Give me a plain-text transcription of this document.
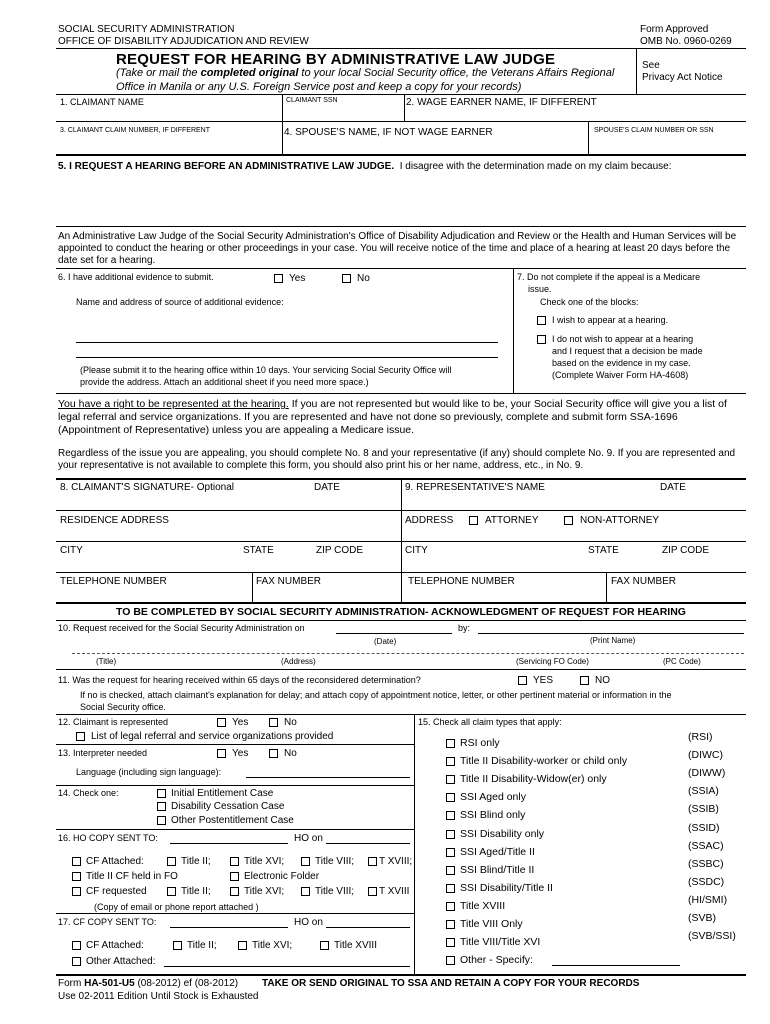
SOCIAL SECURITY ADMINISTRATION
OFFICE OF DISABILITY ADJUDICATION AND REVIEW
Form Approved
OMB No. 0960-0269
REQUEST FOR HEARING BY ADMINISTRATIVE LAW JUDGE
(Take or mail the completed original to your local Social Security office, the Veterans Affairs Regional
Office in Manila or any U.S. Foreign Service post and keep a copy for your records)
See
Privacy Act Notice
1. CLAIMANT NAME	CLAIMANT SSN	2. WAGE EARNER NAME, IF DIFFERENT
3. CLAIMANT CLAIM NUMBER, IF DIFFERENT	4. SPOUSE'S NAME, IF NOT WAGE EARNER	SPOUSE'S CLAIM NUMBER OR SSN
5. I REQUEST A HEARING BEFORE AN ADMINISTRATIVE LAW JUDGE. I disagree with the determination made on my claim because:
An Administrative Law Judge of the Social Security Administration's Office of Disability Adjudication and Review or the Health and Human Services will be
appointed to conduct the hearing or other proceedings in your case. You will receive notice of the time and place of a hearing at least 20 days before the
date set for a hearing.
6. I have additional evidence to submit.	Yes	No
Name and address of source of additional evidence:
(Please submit it to the hearing office within 10 days. Your servicing Social Security Office will
provide the address. Attach an additional sheet if you need more space.)
7. Do not complete if the appeal is a Medicare
issue.
Check one of the blocks:
I wish to appear at a hearing.
I do not wish to appear at a hearing
and I request that a decision be made
based on the evidence in my case.
(Complete Waiver Form HA-4608)
You have a right to be represented at the hearing. If you are not represented but would like to be, your Social Security office will give you a list of
legal referral and service organizations. If you are represented and have not done so previously, complete and submit form SSA-1696
(Appointment of Representative) unless you are appealing a Medicare issue.
Regardless of the issue you are appealing, you should complete No. 8 and your representative (if any) should complete No. 9. If you are represented and
your representative is not available to complete this form, you should also print his or her name, address, etc., in No. 9.
8. CLAIMANT'S SIGNATURE- Optional	DATE	9. REPRESENTATIVE'S NAME	DATE
RESIDENCE ADDRESS	ADDRESS	ATTORNEY	NON-ATTORNEY
CITY	STATE	ZIP CODE	CITY	STATE	ZIP CODE
TELEPHONE NUMBER	FAX NUMBER	TELEPHONE NUMBER	FAX NUMBER
TO BE COMPLETED BY SOCIAL SECURITY ADMINISTRATION- ACKNOWLEDGMENT OF REQUEST FOR HEARING
10. Request received for the Social Security Administration on	by:
(Date)	(Print Name)
(Title)	(Address)	(Servicing FO Code)	(PC Code)
11. Was the request for hearing received within 65 days of the reconsidered determination?	YES	NO
If no is checked, attach claimant's explanation for delay; and attach copy of appointment notice, letter, or other pertinent material or information in the
Social Security office.
12. Claimant is represented	Yes	No
List of legal referral and service organizations provided
13. Interpreter needed	Yes	No
Language (including sign language):
14. Check one:	Initial Entitlement Case
Disability Cessation Case
Other Postentitlement Case
16. HO COPY SENT TO:	HO on
CF Attached:	Title II;	Title XVI;	Title VIII; T XVIII;
Title II CF held in FO	Electronic Folder
CF requested	Title II;	Title XVI;	Title VIII; T XVIII
(Copy of email or phone report attached )
17. CF COPY SENT TO:	HO on
CF Attached:	Title II;	Title XVI;	Title XVIII
Other Attached:
15. Check all claim types that apply:
RSI only	(RSI)
Title II Disability-worker or child only	(DIWC)
Title II Disability-Widow(er) only	(DIWW)
SSI Aged only	(SSIA)
SSI Blind only	(SSIB)
SSI Disability only	(SSID)
SSI Aged/Title II	(SSAC)
SSI Blind/Title II	(SSBC)
SSI Disability/Title II	(SSDC)
Title XVIII	(HI/SMI)
Title VIII Only	(SVB)
Title VIII/Title XVI	(SVB/SSI)
Other - Specify:
Form HA-501-U5 (08-2012) ef (08-2012) TAKE OR SEND ORIGINAL TO SSA AND RETAIN A COPY FOR YOUR RECORDS
Use 02-2011 Edition Until Stock is Exhausted
